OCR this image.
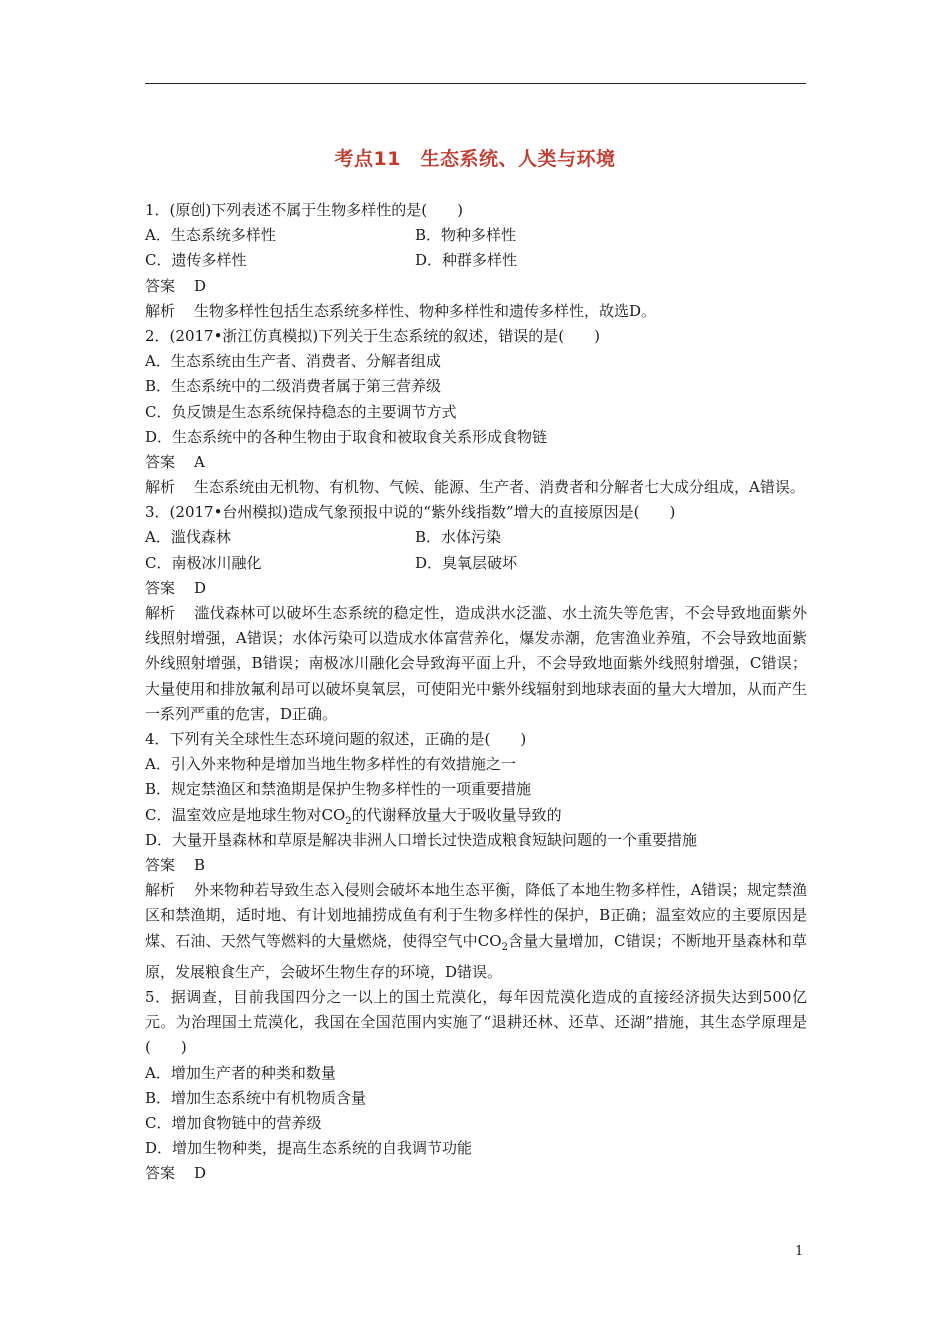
考点11　生态系统、人类与环境
1．(原创)下列表述不属于生物多样性的是(　　)
A．生态系统多样性	B．物种多样性
C．遗传多样性	D．种群多样性
答案 D
解析 生物多样性包括生态系统多样性、物种多样性和遗传多样性，故选D。
2．(2017•浙江仿真模拟)下列关于生态系统的叙述，错误的是(　　)
A．生态系统由生产者、消费者、分解者组成
B．生态系统中的二级消费者属于第三营养级
C．负反馈是生态系统保持稳态的主要调节方式
D．生态系统中的各种生物由于取食和被取食关系形成食物链
答案 A
解析 生态系统由无机物、有机物、气候、能源、生产者、消费者和分解者七大成分组成，A错误。
3．(2017•台州模拟)造成气象预报中说的“紫外线指数”增大的直接原因是(　　)
A．滥伐森林	B．水体污染
C．南极冰川融化	D．臭氧层破坏
答案 D
解析 滥伐森林可以破坏生态系统的稳定性，造成洪水泛滥、水土流失等危害，不会导致地面紫外线照射增强，A错误；水体污染可以造成水体富营养化，爆发赤潮，危害渔业养殖，不会导致地面紫外线照射增强，B错误；南极冰川融化会导致海平面上升，不会导致地面紫外线照射增强，C错误；大量使用和排放氟利昂可以破坏臭氧层，可使阳光中紫外线辐射到地球表面的量大大增加，从而产生一系列严重的危害，D正确。
4．下列有关全球性生态环境问题的叙述，正确的是(　　)
A．引入外来物种是增加当地生物多样性的有效措施之一
B．规定禁渔区和禁渔期是保护生物多样性的一项重要措施
C．温室效应是地球生物对$CO_2$的代谢释放量大于吸收量导致的
D．大量开垦森林和草原是解决非洲人口增长过快造成粮食短缺问题的一个重要措施
答案 B
解析 外来物种若导致生态入侵则会破坏本地生态平衡，降低了本地生物多样性，A错误；规定禁渔区和禁渔期，适时地、有计划地捕捞成鱼有利于生物多样性的保护，B正确；温室效应的主要原因是煤、石油、天然气等燃料的大量燃烧，使得空气中$CO_2$含量大量增加，C错误；不断地开垦森林和草原，发展粮食生产，会破坏生物生存的环境，D错误。
5．据调查，目前我国四分之一以上的国土荒漠化，每年因荒漠化造成的直接经济损失达到500亿元。为治理国土荒漠化，我国在全国范围内实施了“退耕还林、还草、还湖”措施，其生态学原理是(　　)
A．增加生产者的种类和数量
B．增加生态系统中有机物质含量
C．增加食物链中的营养级
D．增加生物种类，提高生态系统的自我调节功能
答案 D
1
